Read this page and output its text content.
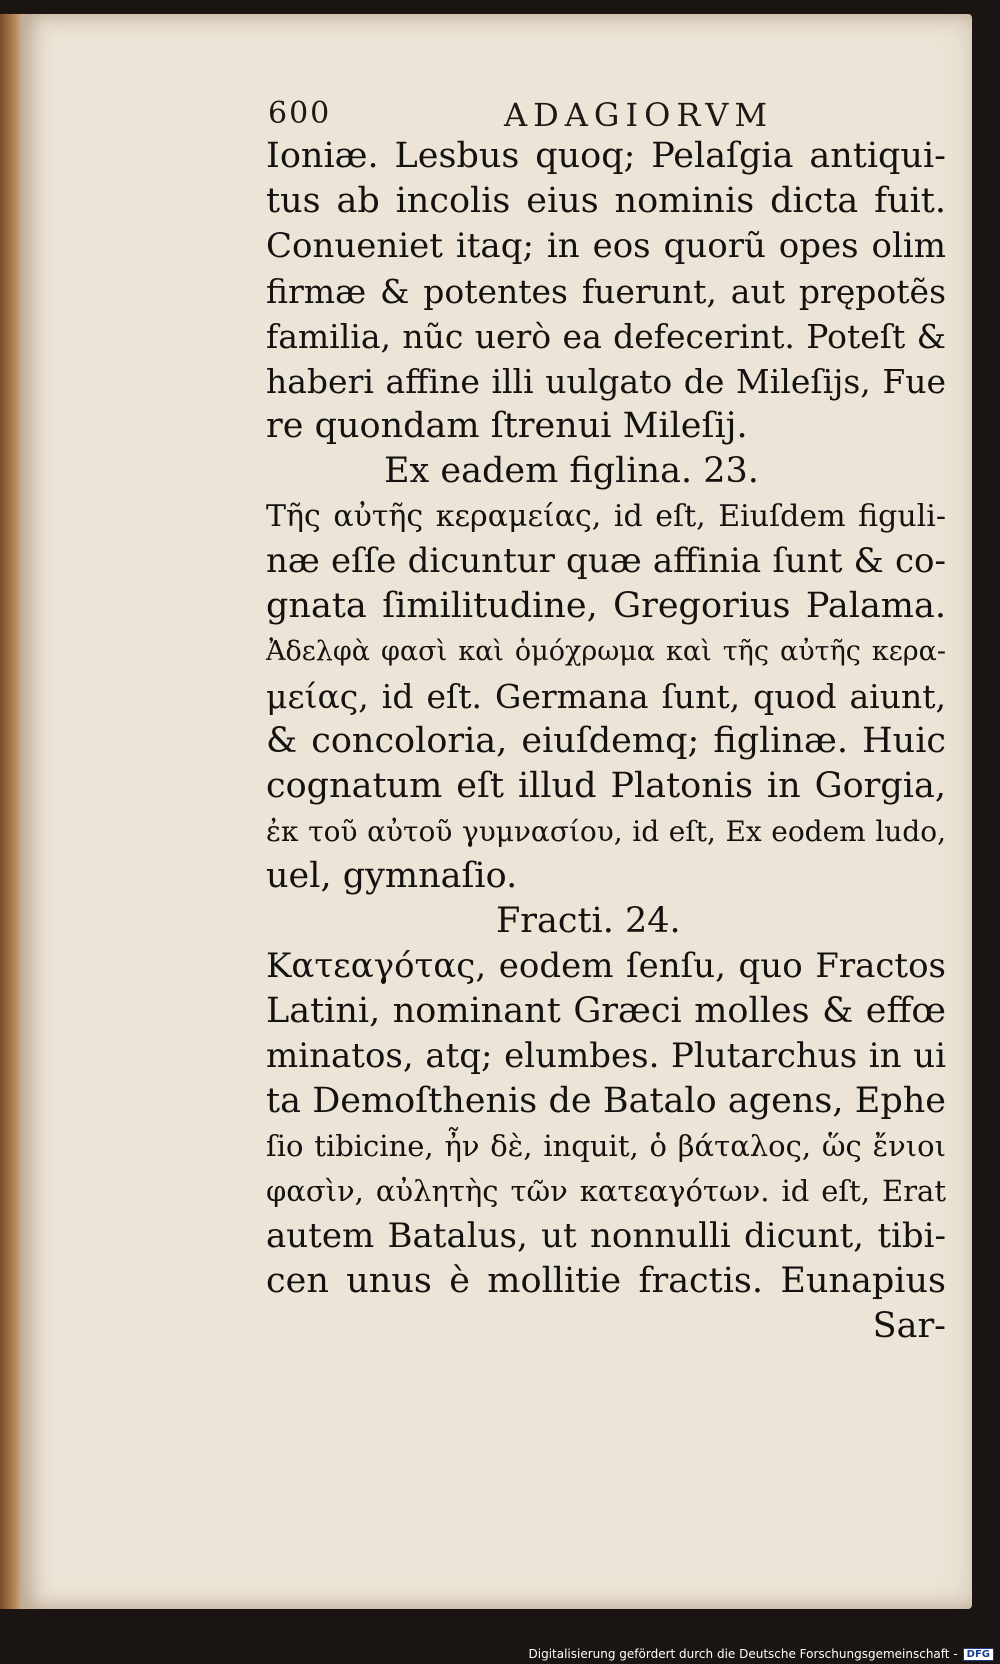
600	ADAGIORVM
Ioniæ. Lesbus quoq; Pelaſgia antiqui-
tus ab incolis eius nominis dicta fuit.
Conueniet itaq; in eos quorũ opes olim
firmæ & potentes fuerunt, aut prępotẽs
familia, nũc uerò ea defecerint. Poteſt &
haberi affine illi uulgato de Mileſijs, Fue
re quondam ſtrenui Mileſij.
Ex eadem figlina. 23.
Τῆς αὐτῆς κεραμείας, id eſt, Eiuſdem figuli-
næ eſſe dicuntur quæ affinia ſunt & co-
gnata ſimilitudine, Gregorius Palama.
Ἀδελφὰ φασὶ καὶ ὁμόχρωμα καὶ τῆς αὐτῆς κερα-
μείας, id eſt. Germana ſunt, quod aiunt,
& concoloria, eiuſdemq; figlinæ. Huic
cognatum eſt illud Platonis in Gorgia,
ἐκ τοῦ αὐτοῦ γυμνασίου, id eſt, Ex eodem ludo,
uel, gymnaſio.
Fracti. 24.
Κατεαγότας, eodem ſenſu, quo Fractos
Latini, nominant Græci molles & effœ
minatos, atq; elumbes. Plutarchus in ui
ta Demoſthenis de Batalo agens, Ephe
ſio tibicine, ἦν δὲ, inquit, ὁ βάταλος, ὥς ἔνιοι
φασὶν, αὐλητὴς τῶν κατεαγότων. id eſt, Erat
autem Batalus, ut nonnulli dicunt, tibi-
cen unus è mollitie fractis. Eunapius
Sar-
Digitalisierung gefördert durch die Deutsche Forschungsgemeinschaft - DFG
